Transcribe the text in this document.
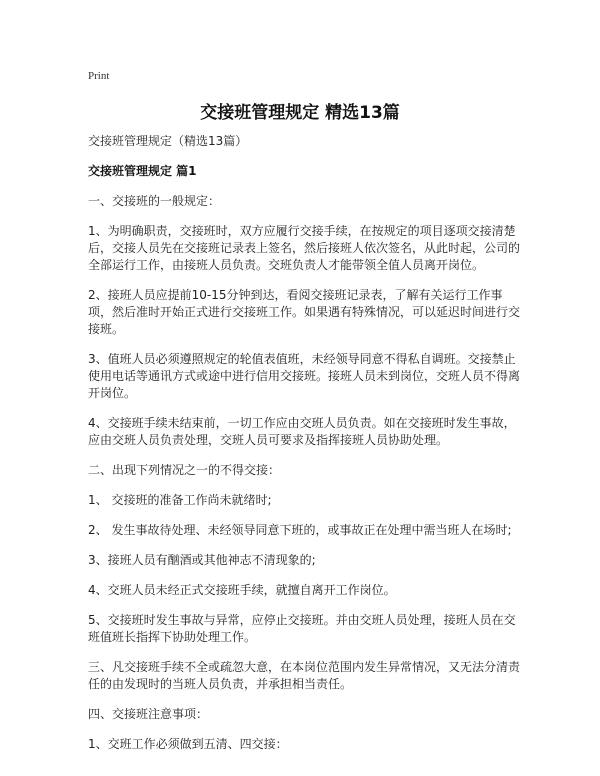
Print
交接班管理规定 精选13篇

交接班管理规定（精选13篇）

交接班管理规定 篇1

一、交接班的一般规定：

1、为明确职责，交接班时，双方应履行交接手续，在按规定的项目逐项交接清楚后，交接人员先在交接班记录表上签名，然后接班人依次签名，从此时起，公司的全部运行工作，由接班人员负责。交班负责人才能带领全值人员离开岗位。

2、接班人员应提前10-15分钟到达，看阅交接班记录表，了解有关运行工作事项，然后准时开始正式进行交接班工作。如果遇有特殊情况，可以延迟时间进行交接班。

3、值班人员必须遵照规定的轮值表值班，未经领导同意不得私自调班。交接禁止使用电话等通讯方式或途中进行信用交接班。接班人员未到岗位，交班人员不得离开岗位。

4、交接班手续未结束前，一切工作应由交班人员负责。如在交接班时发生事故，应由交班人员负责处理，交班人员可要求及指挥接班人员协助处理。

二、出现下列情况之一的不得交接：

1、 交接班的准备工作尚未就绪时;

2、 发生事故待处理、未经领导同意下班的，或事故正在处理中需当班人在场时;

3、接班人员有酗酒或其他神志不清现象的;

4、交班人员未经正式交接班手续，就擅自离开工作岗位。

5、交接班时发生事故与异常，应停止交接班。并由交班人员处理，接班人员在交班值班长指挥下协助处理工作。

三、凡交接班手续不全或疏忽大意，在本岗位范围内发生异常情况，又无法分清责任的由发现时的当班人员负责，并承担相当责任。

四、交接班注意事项：

1、交班工作必须做到五清、四交接：
